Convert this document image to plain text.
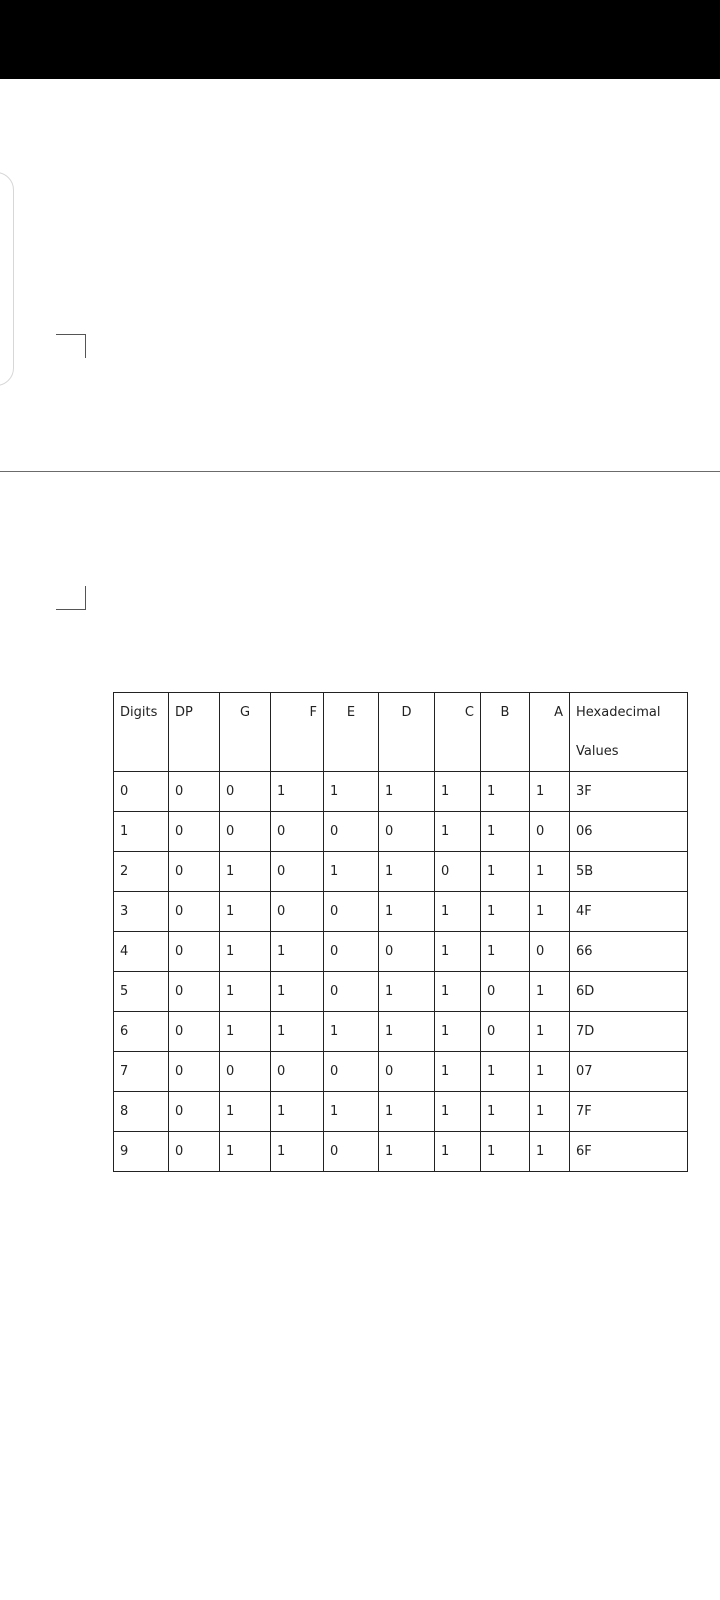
Digits	DP	G	F	E	D	C	B	A	Hexadecimal
Values

0	0	0	1	1	1	1	1	1	3F
1	0	0	0	0	0	1	1	0	06
2	0	1	0	1	1	0	1	1	5B
3	0	1	0	0	1	1	1	1	4F
4	0	1	1	0	0	1	1	0	66
5	0	1	1	0	1	1	0	1	6D
6	0	1	1	1	1	1	0	1	7D
7	0	0	0	0	0	1	1	1	07
8	0	1	1	1	1	1	1	1	7F
9	0	1	1	0	1	1	1	1	6F
